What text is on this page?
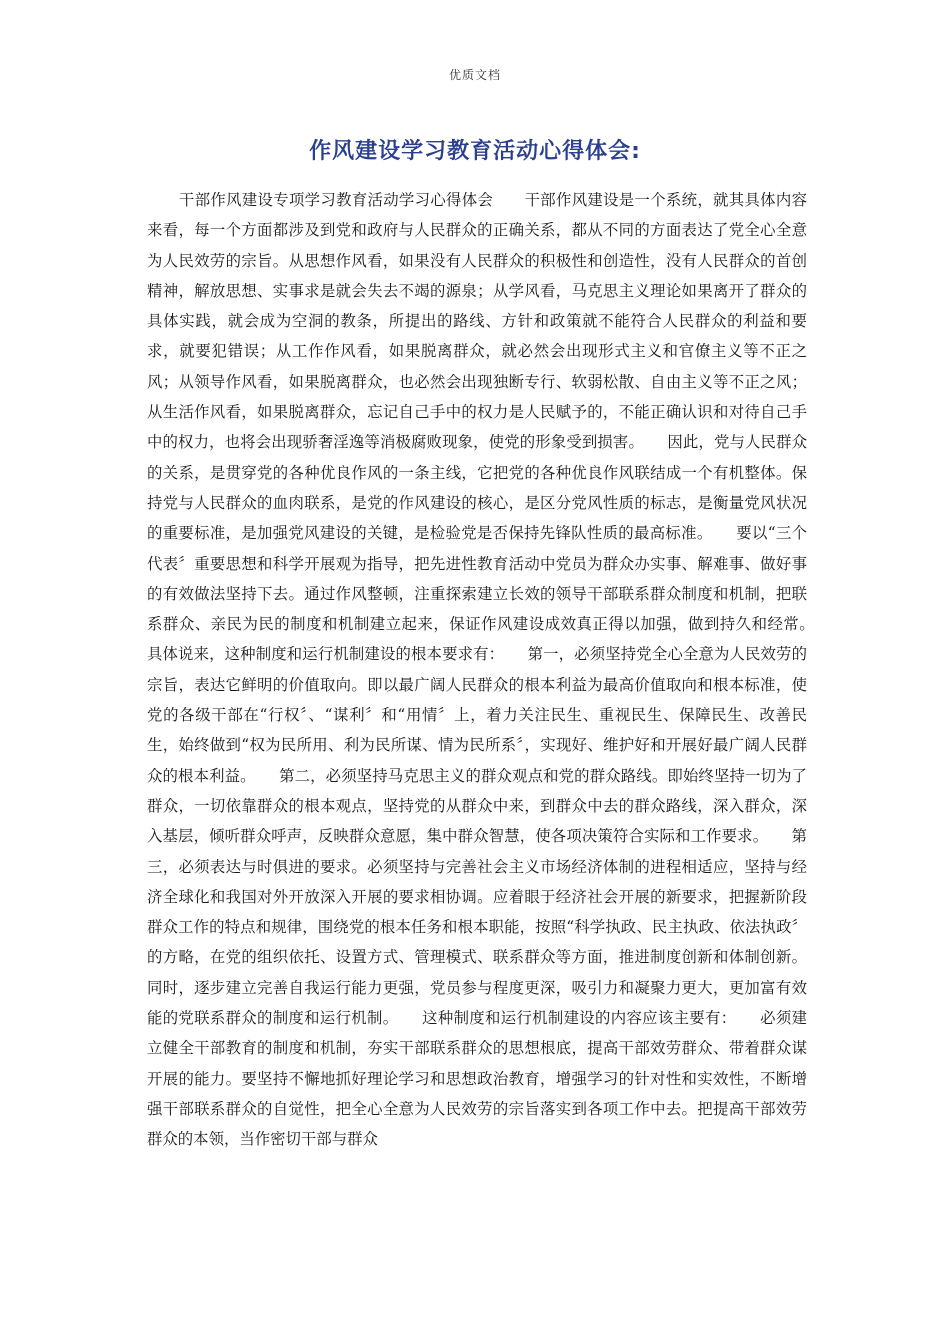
优质文档
作风建设学习教育活动心得体会:

干部作风建设专项学习教育活动学习心得体会　　干部作风建设是一个系统，就其具体内容来看，每一个方面都涉及到党和政府与人民群众的正确关系，都从不同的方面表达了党全心全意为人民效劳的宗旨。从思想作风看，如果没有人民群众的积极性和创造性，没有人民群众的首创精神，解放思想、实事求是就会失去不竭的源泉；从学风看，马克思主义理论如果离开了群众的具体实践，就会成为空洞的教条，所提出的路线、方针和政策就不能符合人民群众的利益和要求，就要犯错误；从工作作风看，如果脱离群众，就必然会出现形式主义和官僚主义等不正之风；从领导作风看，如果脱离群众，也必然会出现独断专行、软弱松散、自由主义等不正之风；从生活作风看，如果脱离群众，忘记自己手中的权力是人民赋予的，不能正确认识和对待自己手中的权力，也将会出现骄奢淫逸等消极腐败现象，使党的形象受到损害。　　因此，党与人民群众的关系，是贯穿党的各种优良作风的一条主线，它把党的各种优良作风联结成一个有机整体。保持党与人民群众的血肉联系，是党的作风建设的核心，是区分党风性质的标志，是衡量党风状况的重要标准，是加强党风建设的关键，是检验党是否保持先锋队性质的最高标准。　　要以“三个 代表〞重要思想和科学开展观为指导，把先进性教育活动中党员为群众办实事、解难事、做好事的有效做法坚持下去。通过作风整顿，注重探索建立长效的领导干部联系群众制度和机制，把联系群众、亲民为民的制度和机制建立起来，保证作风建设成效真正得以加强，做到持久和经常。　　具体说来，这种制度和运行机制建设的根本要求有：　　第一，必须坚持党全心全意为人民效劳的宗旨，表达它鲜明的价值取向。即以最广阔人民群众的根本利益为最高价值取向和根本标准，使党的各级干部在“行权〞、“谋利〞和“用情〞上，着力关注民生、重视民生、保障民生、改善民生，始终做到“权为民所用、利为民所谋、情为民所系〞，实现好、维护好和开展好最广阔人民群众的根本利益。　　第二，必须坚持马克思主义的群众观点和党的群众路线。即始终坚持一切为了群众，一切依靠群众的根本观点，坚持党的从群众中来，到群众中去的群众路线，深入群众，深入基层，倾听群众呼声，反映群众意愿，集中群众智慧，使各项决策符合实际和工作要求。　　第三，必须表达与时俱进的要求。必须坚持与完善社会主义市场经济体制的进程相适应，坚持与经济全球化和我国对外开放深入开展的要求相协调。应着眼于经济社会开展的新要求，把握新阶段群众工作的特点和规律，围绕党的根本任务和根本职能，按照“科学执政、民主执政、依法执政〞的方略，在党的组织依托、设置方式、管理模式、联系群众等方面，推进制度创新和体制创新。同时，逐步建立完善自我运行能力更强，党员参与程度更深，吸引力和凝聚力更大，更加富有效能的党联系群众的制度和运行机制。　　这种制度和运行机制建设的内容应该主要有：　　必须建立健全干部教育的制度和机制，夯实干部联系群众的思想根底，提高干部效劳群众、带着群众谋开展的能力。要坚持不懈地抓好理论学习和思想政治教育，增强学习的针对性和实效性，不断增强干部联系群众的自觉性，把全心全意为人民效劳的宗旨落实到各项工作中去。把提高干部效劳群众的本领，当作密切干部与群众
